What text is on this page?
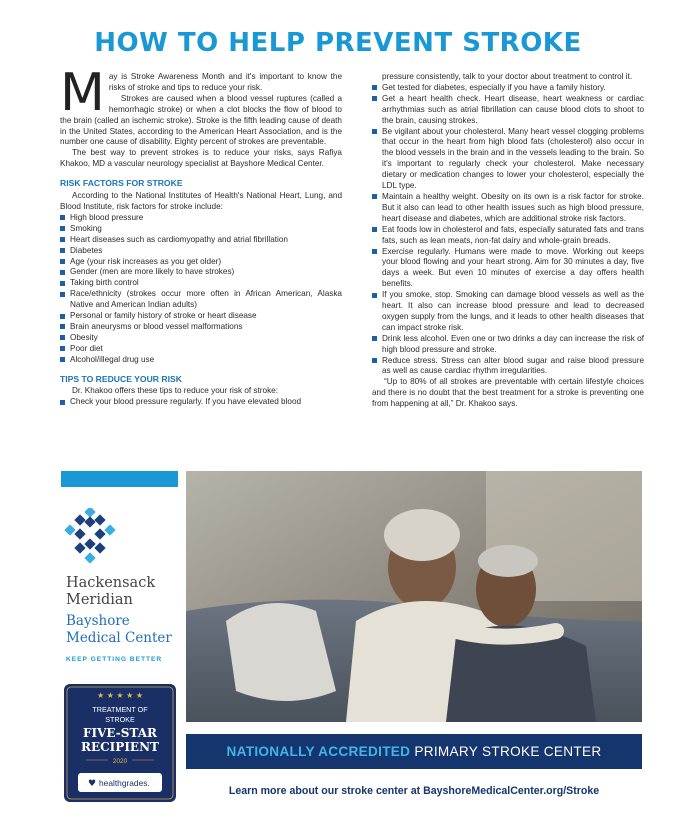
HOW TO HELP PREVENT STROKE

May is Stroke Awareness Month and it's important to know the risks of stroke and tips to reduce your risk.

Strokes are caused when a blood vessel ruptures (called a hemorrhagic stroke) or when a clot blocks the flow of blood to the brain (called an ischemic stroke). Stroke is the fifth leading cause of death in the United States, according to the American Heart Association, and is the number one cause of disability. Eighty percent of strokes are preventable.

The best way to prevent strokes is to reduce your risks, says Rafiya Khakoo, MD a vascular neurology specialist at Bayshore Medical Center.

RISK FACTORS FOR STROKE

According to the National Institutes of Health's National Heart, Lung, and Blood Institute, risk factors for stroke include:

High blood pressure
Smoking
Heart diseases such as cardiomyopathy and atrial fibrillation
Diabetes
Age (your risk increases as you get older)
Gender (men are more likely to have strokes)
Taking birth control
Race/ethnicity (strokes occur more often in African American, Alaska Native and American Indian adults)
Personal or family history of stroke or heart disease
Brain aneurysms or blood vessel malformations
Obesity
Poor diet
Alcohol/illegal drug use

TIPS TO REDUCE YOUR RISK

Dr. Khakoo offers these tips to reduce your risk of stroke:

Check your blood pressure regularly. If you have elevated blood

pressure consistently, talk to your doctor about treatment to control it.

Get tested for diabetes, especially if you have a family history.
Get a heart health check. Heart disease, heart weakness or cardiac arrhythmias such as atrial fibrillation can cause blood clots to shoot to the brain, causing strokes.
Be vigilant about your cholesterol. Many heart vessel clogging problems that occur in the heart from high blood fats (cholesterol) also occur in the blood vessels in the brain and in the vessels leading to the brain. So it's important to regularly check your cholesterol. Make necessary dietary or medication changes to lower your cholesterol, especially the LDL type.
Maintain a healthy weight. Obesity on its own is a risk factor for stroke. But it also can lead to other health issues such as high blood pressure, heart disease and diabetes, which are additional stroke risk factors.
Eat foods low in cholesterol and fats, especially saturated fats and trans fats, such as lean meats, non-fat dairy and whole-grain breads.
Exercise regularly. Humans were made to move. Working out keeps your blood flowing and your heart strong. Aim for 30 minutes a day, five days a week. But even 10 minutes of exercise a day offers health benefits.
If you smoke, stop. Smoking can damage blood vessels as well as the heart. It also can increase blood pressure and lead to decreased oxygen supply from the lungs, and it leads to other health diseases that can impact stroke risk.
Drink less alcohol. Even one or two drinks a day can increase the risk of high blood pressure and stroke.
Reduce stress. Stress can alter blood sugar and raise blood pressure as well as cause cardiac rhythm irregularities.

“Up to 80% of all strokes are preventable with certain lifestyle choices and there is no doubt that the best treatment for a stroke is preventing one from happening at all,” Dr. Khakoo says.

Hackensack
Meridian
Bayshore
Medical Center
KEEP GETTING BETTER
★ ★ ★ ★ ★
TREATMENT OF
STROKE
FIVE-STAR
RECIPIENT
2020
♥ healthgrades.
NATIONALLY ACCREDITED PRIMARY STROKE CENTER
Learn more about our stroke center at BayshoreMedicalCenter.org/Stroke
